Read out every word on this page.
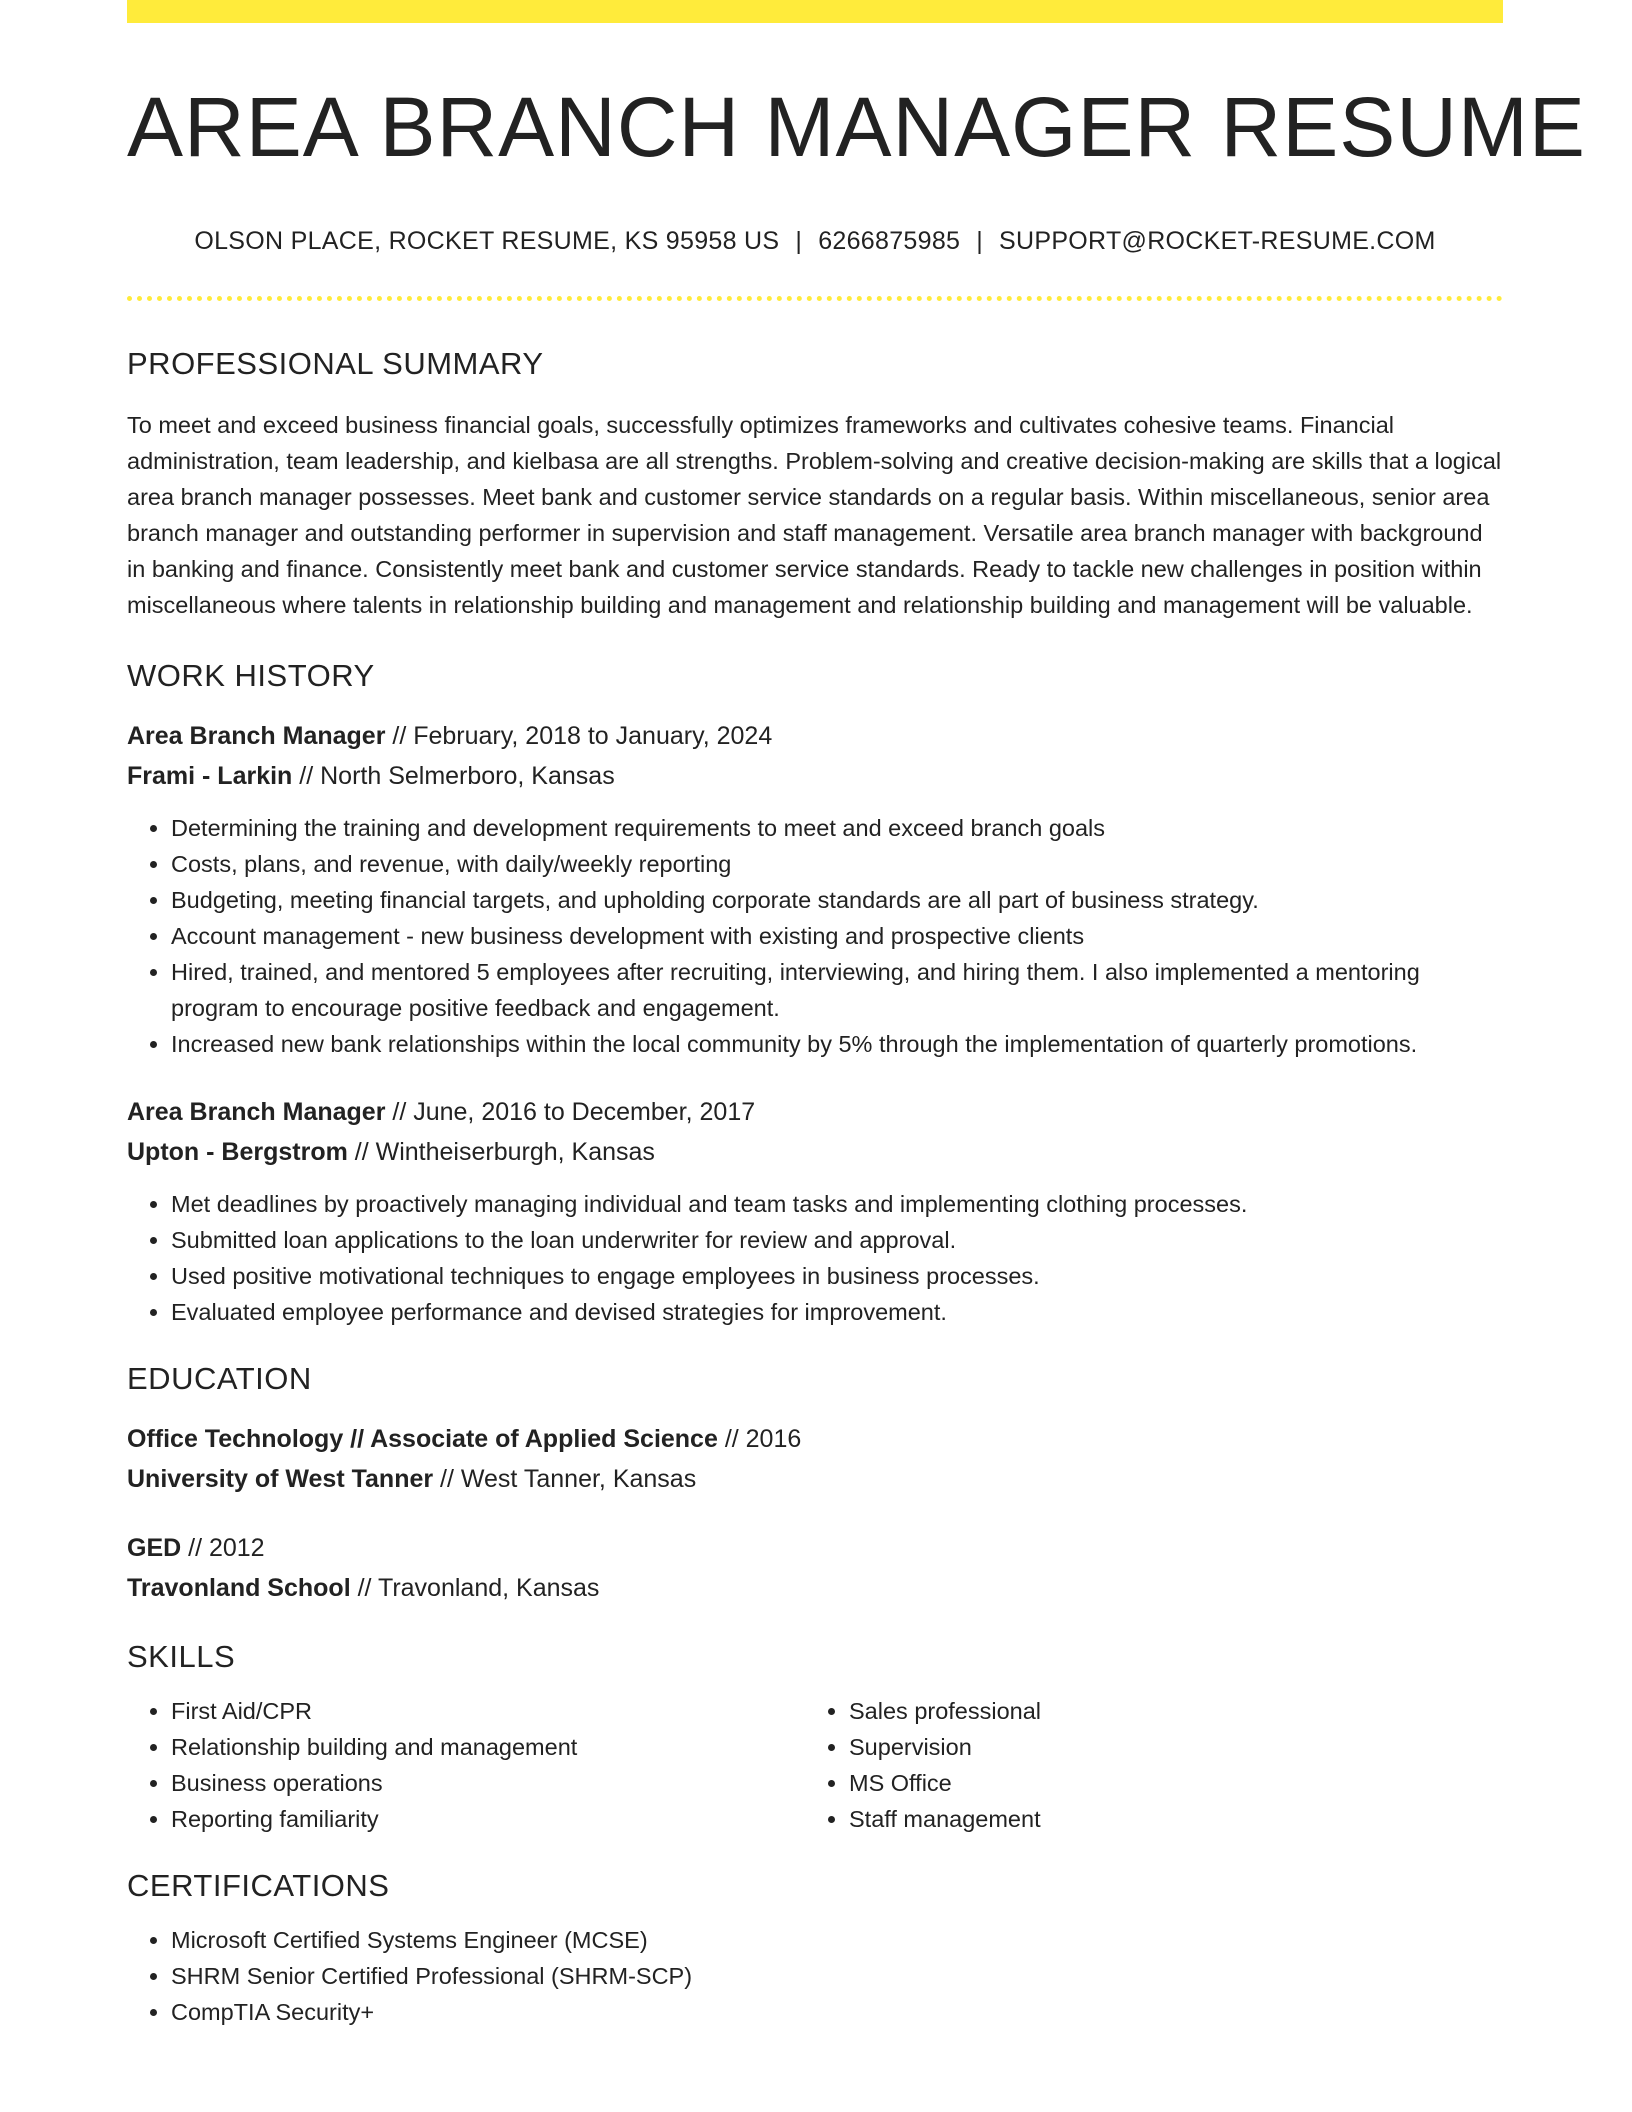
AREA BRANCH MANAGER RESUME
OLSON PLACE, ROCKET RESUME, KS 95958 US | 6266875985 | SUPPORT@ROCKET-RESUME.COM
PROFESSIONAL SUMMARY
To meet and exceed business financial goals, successfully optimizes frameworks and cultivates cohesive teams. Financial administration, team leadership, and kielbasa are all strengths. Problem-solving and creative decision-making are skills that a logical area branch manager possesses. Meet bank and customer service standards on a regular basis. Within miscellaneous, senior area branch manager and outstanding performer in supervision and staff management. Versatile area branch manager with background in banking and finance. Consistently meet bank and customer service standards. Ready to tackle new challenges in position within miscellaneous where talents in relationship building and management and relationship building and management will be valuable.
WORK HISTORY
Area Branch Manager // February, 2018 to January, 2024
Frami - Larkin // North Selmerboro, Kansas
• Determining the training and development requirements to meet and exceed branch goals
• Costs, plans, and revenue, with daily/weekly reporting
• Budgeting, meeting financial targets, and upholding corporate standards are all part of business strategy.
• Account management - new business development with existing and prospective clients
• Hired, trained, and mentored 5 employees after recruiting, interviewing, and hiring them. I also implemented a mentoring program to encourage positive feedback and engagement.
• Increased new bank relationships within the local community by 5% through the implementation of quarterly promotions.
Area Branch Manager // June, 2016 to December, 2017
Upton - Bergstrom // Wintheiserburgh, Kansas
• Met deadlines by proactively managing individual and team tasks and implementing clothing processes.
• Submitted loan applications to the loan underwriter for review and approval.
• Used positive motivational techniques to engage employees in business processes.
• Evaluated employee performance and devised strategies for improvement.
EDUCATION
Office Technology // Associate of Applied Science // 2016
University of West Tanner // West Tanner, Kansas
GED // 2012
Travonland School // Travonland, Kansas
SKILLS
• First Aid/CPR
• Relationship building and management
• Business operations
• Reporting familiarity
• Sales professional
• Supervision
• MS Office
• Staff management
CERTIFICATIONS
• Microsoft Certified Systems Engineer (MCSE)
• SHRM Senior Certified Professional (SHRM-SCP)
• CompTIA Security+
